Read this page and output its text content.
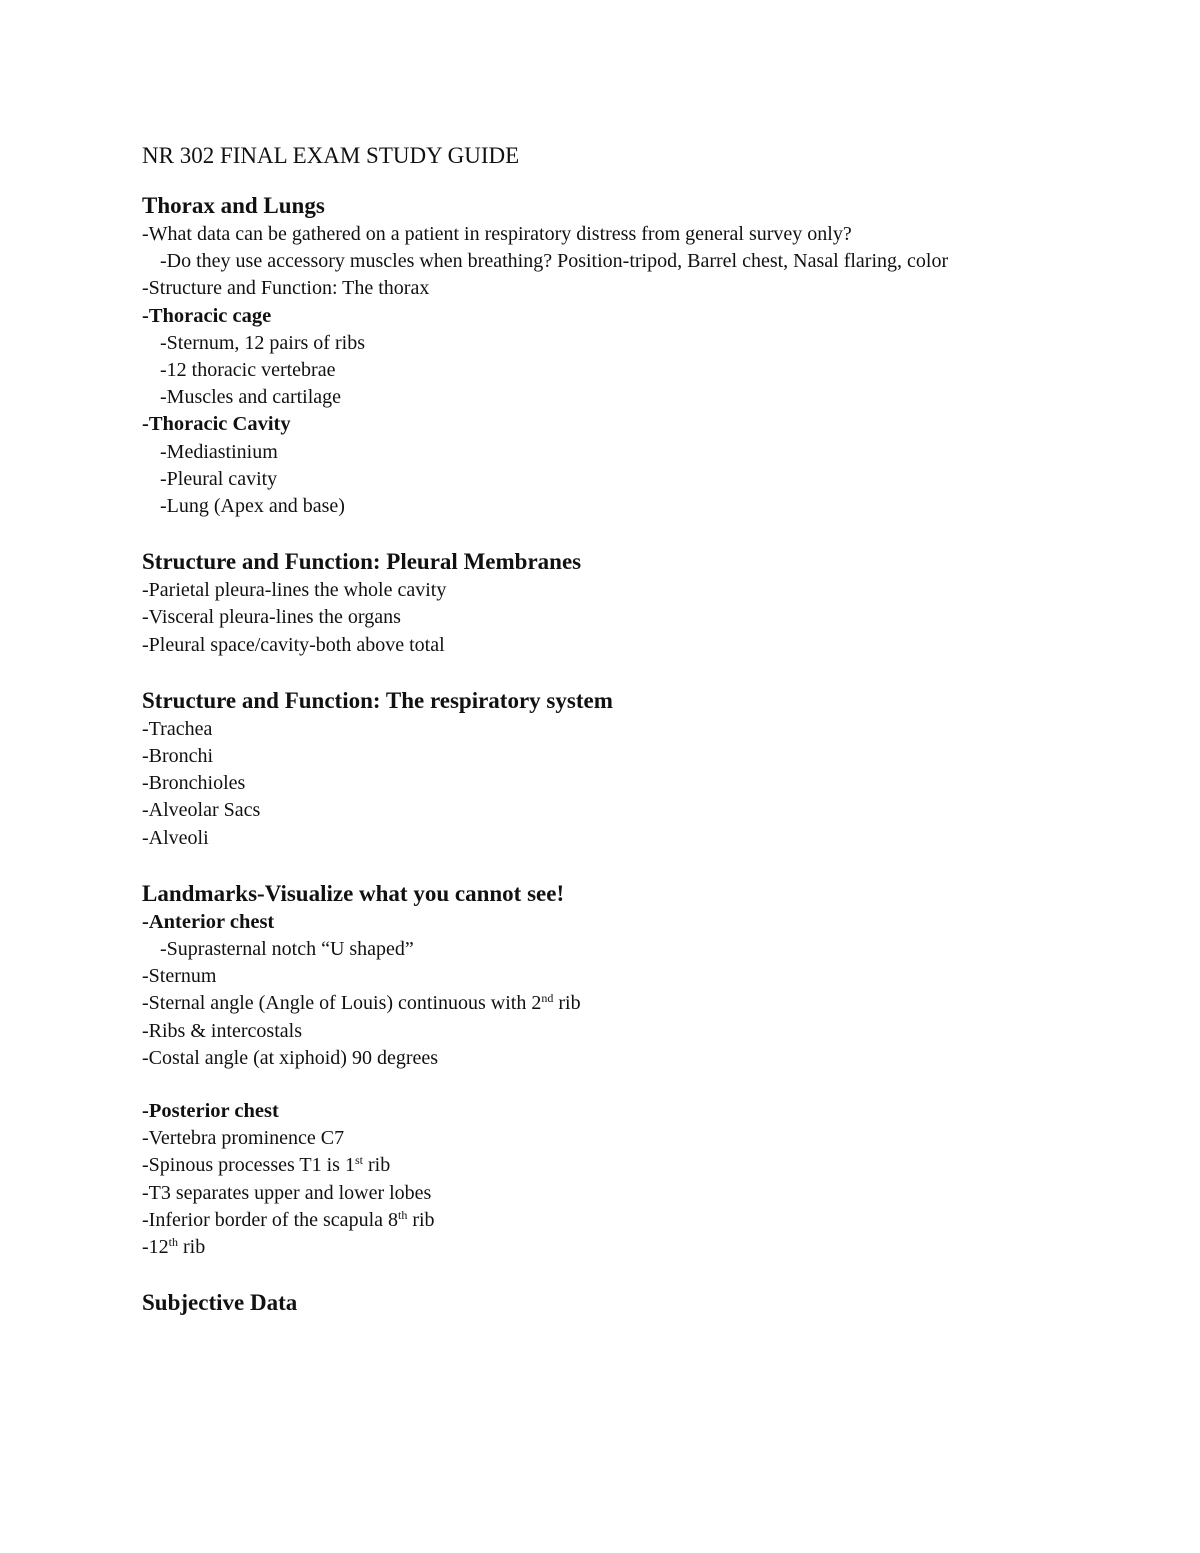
NR 302 FINAL EXAM STUDY GUIDE

Thorax and Lungs

-What data can be gathered on a patient in respiratory distress from general survey only?

-Do they use accessory muscles when breathing? Position-tripod, Barrel chest, Nasal flaring, color

-Structure and Function: The thorax

-Thoracic cage

-Sternum, 12 pairs of ribs

-12 thoracic vertebrae

-Muscles and cartilage

-Thoracic Cavity

-Mediastinium

-Pleural cavity

-Lung (Apex and base)

Structure and Function: Pleural Membranes

-Parietal pleura-lines the whole cavity

-Visceral pleura-lines the organs

-Pleural space/cavity-both above total

Structure and Function: The respiratory system

-Trachea

-Bronchi

-Bronchioles

-Alveolar Sacs

-Alveoli

Landmarks-Visualize what you cannot see!

-Anterior chest

-Suprasternal notch “U shaped”

-Sternum

-Sternal angle (Angle of Louis) continuous with 2nd rib

-Ribs & intercostals

-Costal angle (at xiphoid) 90 degrees

-Posterior chest

-Vertebra prominence C7

-Spinous processes T1 is 1st rib

-T3 separates upper and lower lobes

-Inferior border of the scapula 8th rib

-12th rib

Subjective Data
